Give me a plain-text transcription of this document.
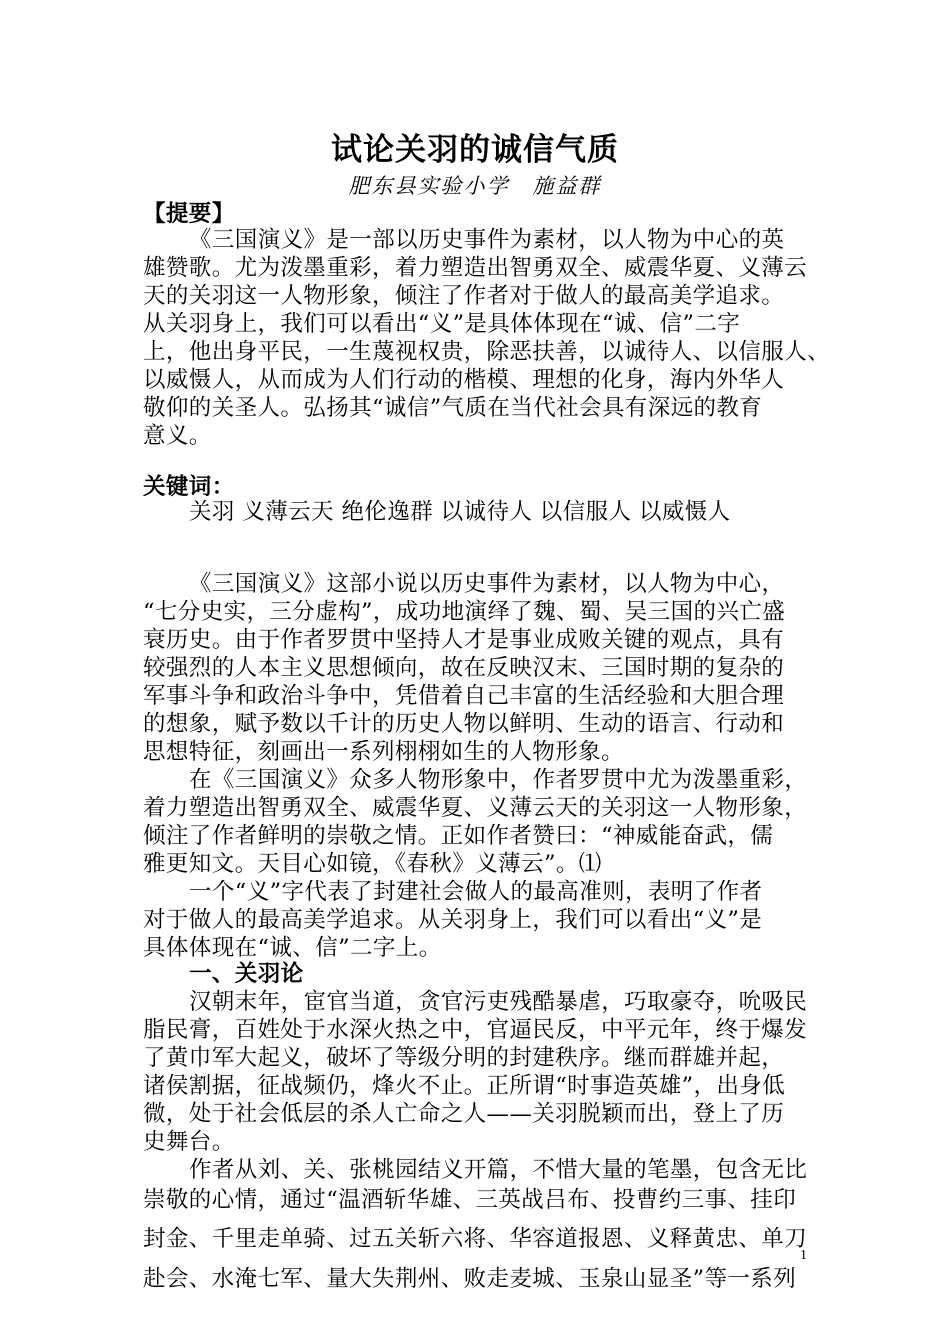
试论关羽的诚信气质
肥东县实验小学　施益群
【提要】
《三国演义》是一部以历史事件为素材，以人物为中心的英
雄赞歌。尤为泼墨重彩，着力塑造出智勇双全、威震华夏、义薄云
天的关羽这一人物形象，倾注了作者对于做人的最高美学追求。
从关羽身上，我们可以看出“义”是具体体现在“诚、信”二字
上，他出身平民，一生蔑视权贵，除恶扶善，以诚待人、以信服人、
以威慑人，从而成为人们行动的楷模、理想的化身，海内外华人
敬仰的关圣人。弘扬其“诚信”气质在当代社会具有深远的教育
意义。
关键词：
关羽 义薄云天 绝伦逸群 以诚待人 以信服人 以威慑人
《三国演义》这部小说以历史事件为素材，以人物为中心，
“七分史实，三分虚构”，成功地演绎了魏、蜀、吴三国的兴亡盛
衰历史。由于作者罗贯中坚持人才是事业成败关键的观点，具有
较强烈的人本主义思想倾向，故在反映汉末、三国时期的复杂的
军事斗争和政治斗争中，凭借着自己丰富的生活经验和大胆合理
的想象，赋予数以千计的历史人物以鲜明、生动的语言、行动和
思想特征，刻画出一系列栩栩如生的人物形象。
在《三国演义》众多人物形象中，作者罗贯中尤为泼墨重彩，
着力塑造出智勇双全、威震华夏、义薄云天的关羽这一人物形象，
倾注了作者鲜明的崇敬之情。正如作者赞曰：“神威能奋武，儒
雅更知文。天目心如镜，《春秋》义薄云”。⑴
一个“义”字代表了封建社会做人的最高准则，表明了作者
对于做人的最高美学追求。从关羽身上，我们可以看出“义”是
具体体现在“诚、信”二字上。
一、关羽论
汉朝末年，宦官当道，贪官污吏残酷暴虐，巧取豪夺，吮吸民
脂民膏，百姓处于水深火热之中，官逼民反，中平元年，终于爆发
了黄巾军大起义，破坏了等级分明的封建秩序。继而群雄并起，
诸侯割据，征战频仍，烽火不止。正所谓“时事造英雄”，出身低
微，处于社会低层的杀人亡命之人——关羽脱颖而出，登上了历
史舞台。
作者从刘、关、张桃园结义开篇，不惜大量的笔墨，包含无比
崇敬的心情，通过“温酒斩华雄、三英战吕布、投曹约三事、挂印
封金、千里走单骑、过五关斩六将、华容道报恩、义释黄忠、单刀
赴会、水淹七军、量大失荆州、败走麦城、玉泉山显圣”等一系列
1
